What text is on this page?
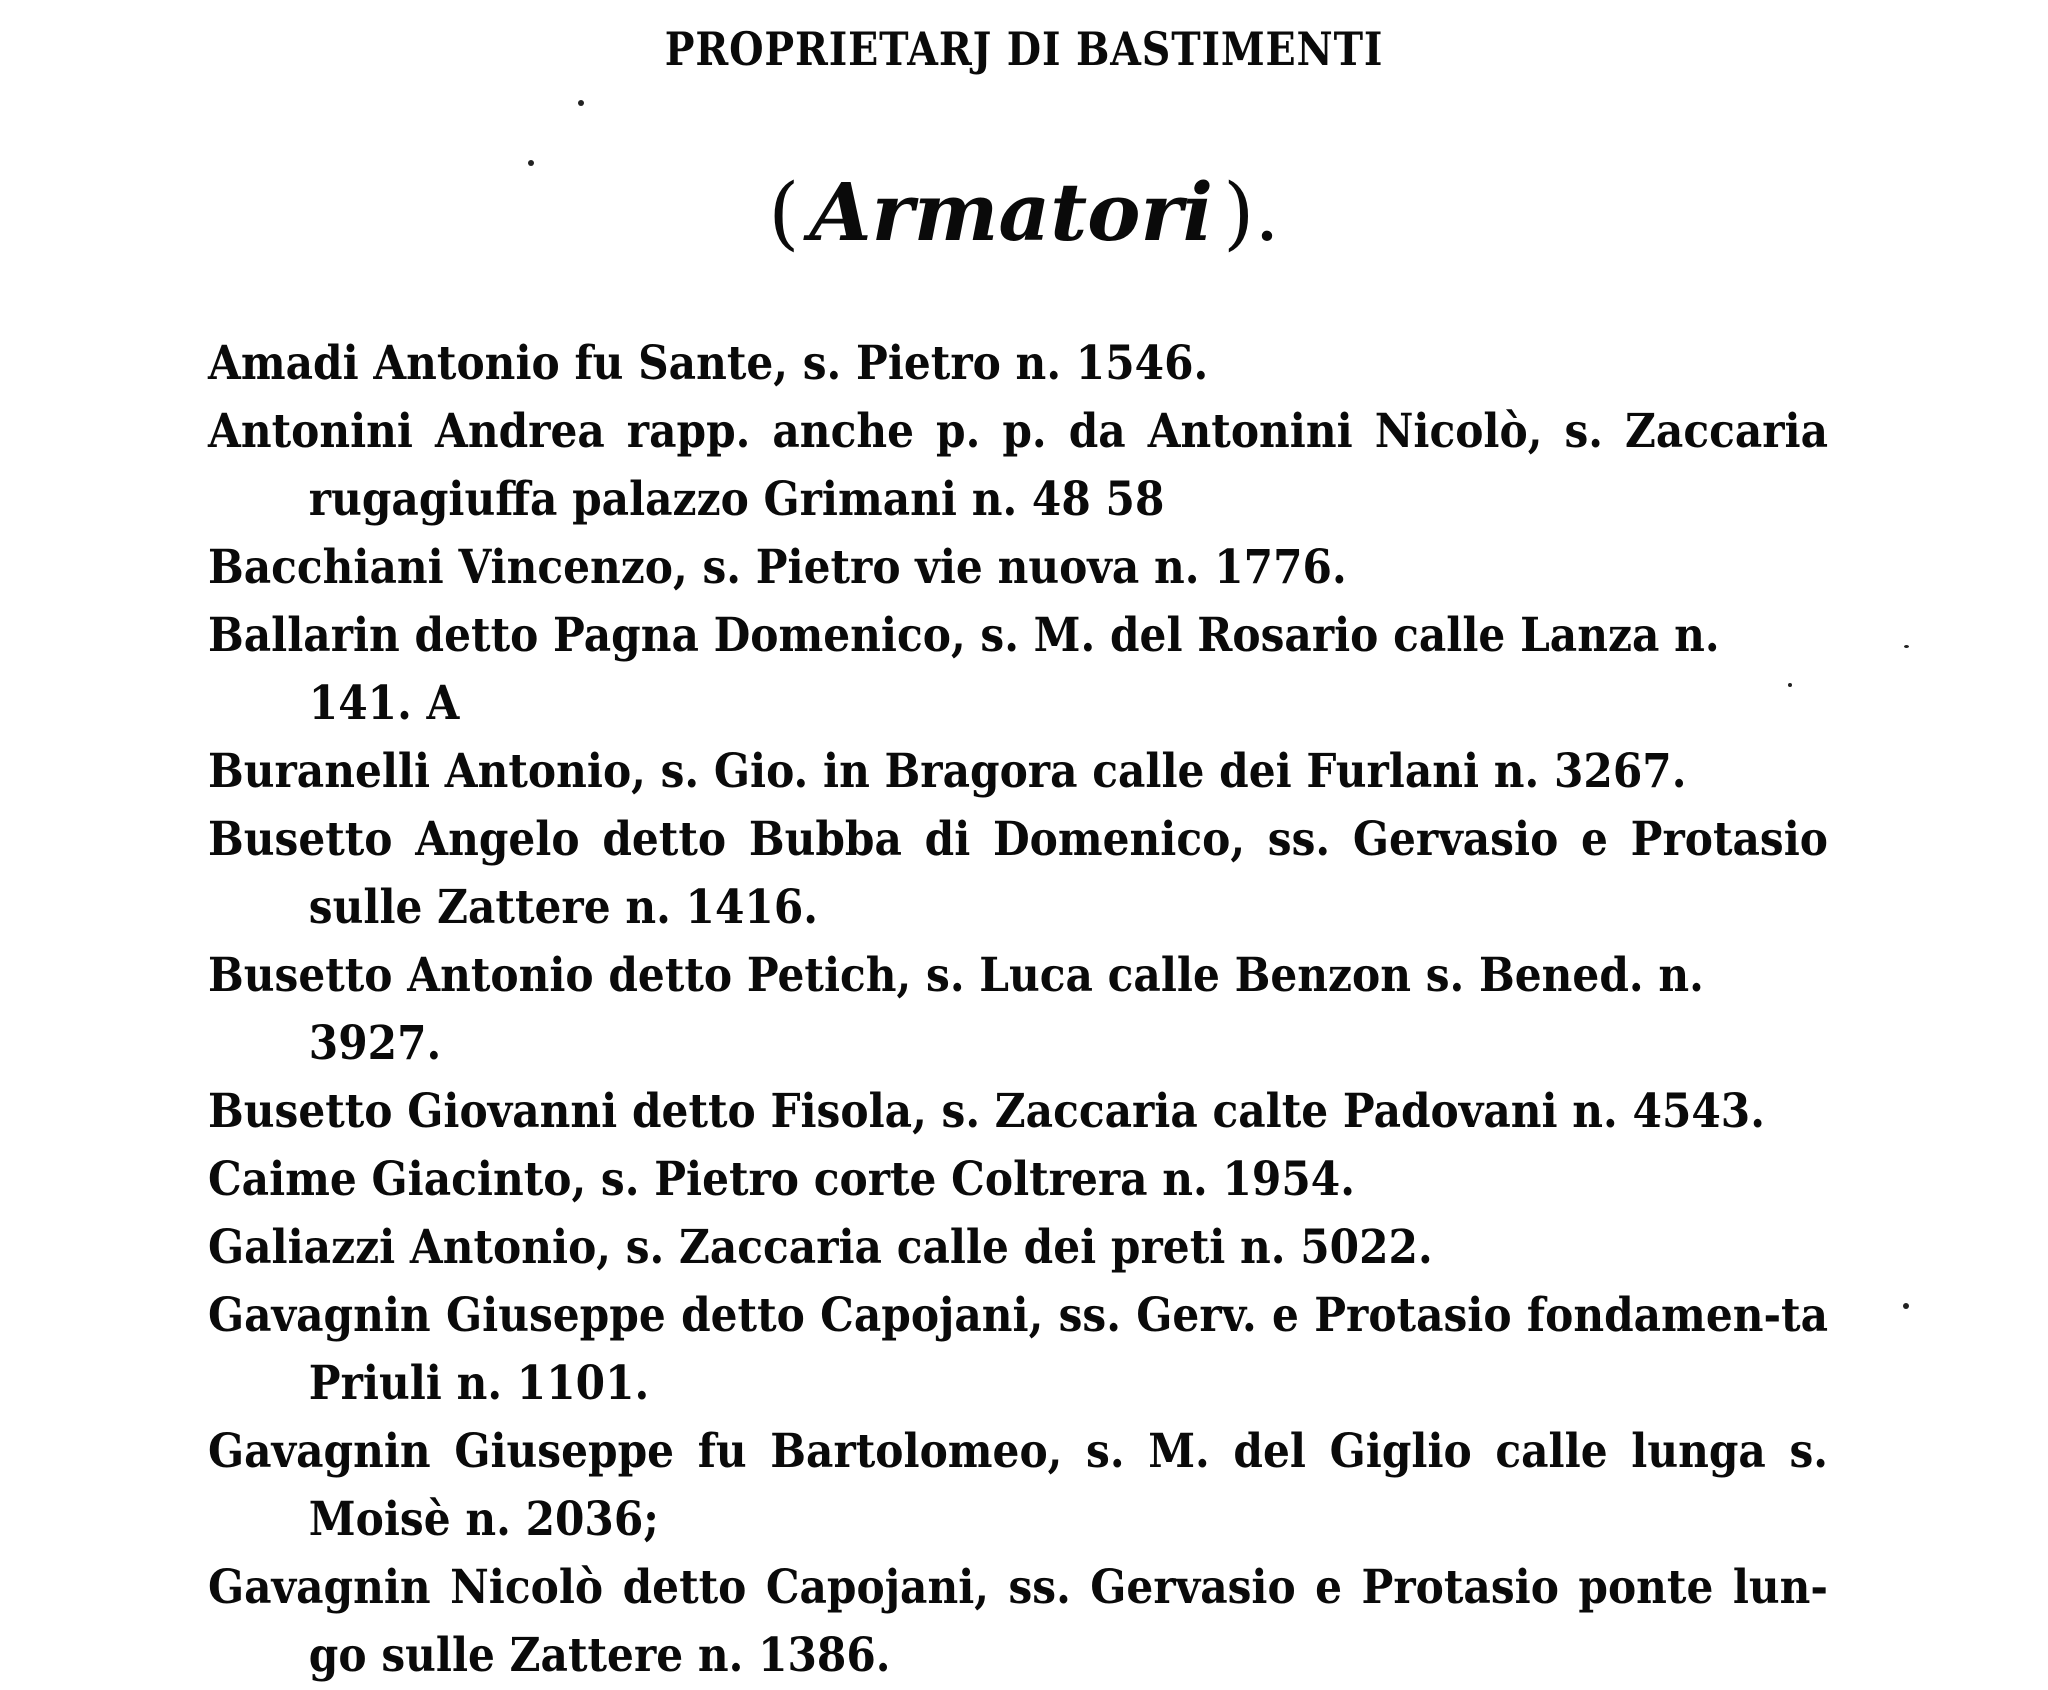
PROPRIETARJ DI BASTIMENTI
( Armatori ).
Amadi Antonio fu Sante, s. Pietro n. 1546.
Antonini Andrea rapp. anche p. p. da Antonini Nicolò, s. Zaccaria rugagiuffa palazzo Grimani n. 48 58
Bacchiani Vincenzo, s. Pietro vie nuova n. 1776.
Ballarin detto Pagna Domenico, s. M. del Rosario calle Lanza n. 141. A
Buranelli Antonio, s. Gio. in Bragora calle dei Furlani n. 3267.
Busetto Angelo detto Bubba di Domenico, ss. Gervasio e Protasio sulle Zattere n. 1416.
Busetto Antonio detto Petich, s. Luca calle Benzon s. Bened. n. 3927.
Busetto Giovanni detto Fisola, s. Zaccaria calte Padovani n. 4543.
Caime Giacinto, s. Pietro corte Coltrera n. 1954.
Galiazzi Antonio, s. Zaccaria calle dei preti n. 5022.
Gavagnin Giuseppe detto Capojani, ss. Gerv. e Protasio fondamen-ta Priuli n. 1101.
Gavagnin Giuseppe fu Bartolomeo, s. M. del Giglio calle lunga s. Moisè n. 2036;
Gavagnin Nicolò detto Capojani, ss. Gervasio e Protasio ponte lun-go sulle Zattere n. 1386.
